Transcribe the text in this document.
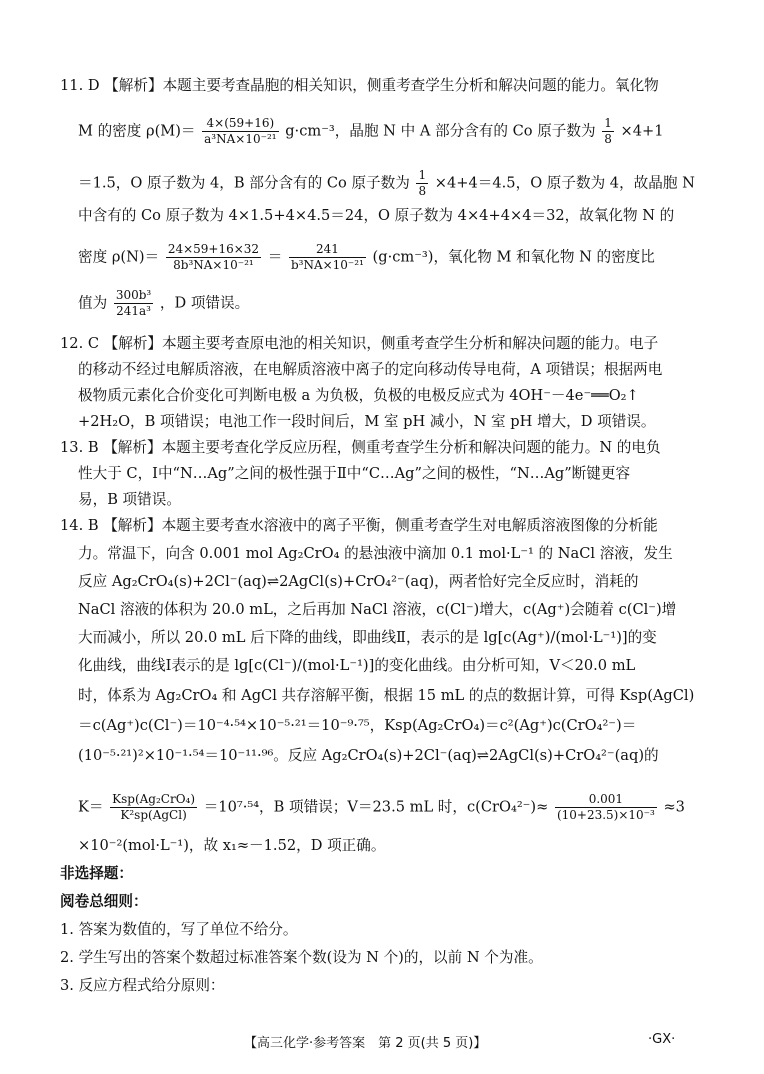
11. D 【解析】本题主要考查晶胞的相关知识，侧重考查学生分析和解决问题的能力。氧化物
M 的密度 $\rho(M)= \frac{4\times(59+16)}{\text{a³NA×10⁻²¹}} g\cdot cm^{-3}$，晶胞 N 中 A 部分含有的 Co 原子数为 $\frac{1}{8} \times 4+1$
＝1.5，O 原子数为 4，B 部分含有的 Co 原子数为 $\frac{1}{8} \times 4+4=4.5$，O 原子数为 4，故晶胞 N
中含有的 Co 原子数为 4×1.5+4×4.5＝24，O 原子数为 4×4+4×4＝32，故氧化物 N 的
密度 $\rho(N)= \frac{24\times 59+16\times 32}{\text{8b³NA×10⁻²¹}} = \frac{241}{\text{b³NA×10⁻²¹}} (g\cdot cm^{-3})$，氧化物 M 和氧化物 N 的密度比
值为 $\frac{\text{300b³}}{\text{241a³}}$ ，D 项错误。
12. C 【解析】本题主要考查原电池的相关知识，侧重考查学生分析和解决问题的能力。电子
的移动不经过电解质溶液，在电解质溶液中离子的定向移动传导电荷，A 项错误；根据两电
极物质元素化合价变化可判断电极 a 为负极，负极的电极反应式为 4OH⁻－4e⁻══O₂↑
+2H₂O，B 项错误；电池工作一段时间后，M 室 pH 减小，N 室 pH 增大，D 项错误。
13. B 【解析】本题主要考查化学反应历程，侧重考查学生分析和解决问题的能力。N 的电负
性大于 C，Ⅰ中“N…Ag”之间的极性强于Ⅱ中“C…Ag”之间的极性，“N…Ag”断键更容
易，B 项错误。
14. B 【解析】本题主要考查水溶液中的离子平衡，侧重考查学生对电解质溶液图像的分析能
力。常温下，向含 0.001 mol Ag₂CrO₄ 的悬浊液中滴加 0.1 mol·L⁻¹ 的 NaCl 溶液，发生
反应 Ag₂CrO₄(s)+2Cl⁻(aq)⇌2AgCl(s)+CrO₄²⁻(aq)，两者恰好完全反应时，消耗的
NaCl 溶液的体积为 20.0 mL，之后再加 NaCl 溶液，c(Cl⁻)增大，c(Ag⁺)会随着 c(Cl⁻)增
大而减小，所以 20.0 mL 后下降的曲线，即曲线Ⅱ，表示的是 lg[c(Ag⁺)/(mol·L⁻¹)]的变
化曲线，曲线Ⅰ表示的是 lg[c(Cl⁻)/(mol·L⁻¹)]的变化曲线。由分析可知，V＜20.0 mL
时，体系为 Ag₂CrO₄ 和 AgCl 共存溶解平衡，根据 15 mL 的点的数据计算，可得 Ksp(AgCl)
＝c(Ag⁺)c(Cl⁻)＝10⁻⁴·⁵⁴×10⁻⁵·²¹＝10⁻⁹·⁷⁵，Ksp(Ag₂CrO₄)＝c²(Ag⁺)c(CrO₄²⁻)＝
(10⁻⁵·²¹)²×10⁻¹·⁵⁴＝10⁻¹¹·⁹⁶。反应 Ag₂CrO₄(s)+2Cl⁻(aq)⇌2AgCl(s)+CrO₄²⁻(aq)的
$K= \frac{\text{Ksp(Ag₂CrO₄)}}{\text{K²sp(AgCl)}} =10^7\cdot^{54}$，B 项错误；V＝23.5 mL 时，$c(CrO_4^{2-})\approx \frac{0.001}{\text{(10+23.5)×10⁻³}} \approx 3$
×10⁻²(mol·L⁻¹)，故 x₁≈－1.52，D 项正确。
非选择题：
阅卷总细则：
1. 答案为数值的，写了单位不给分。
2. 学生写出的答案个数超过标准答案个数(设为 N 个)的，以前 N 个为准。
3. 反应方程式给分原则：
【高三化学·参考答案　第 2 页(共 5 页)】	·GX·
